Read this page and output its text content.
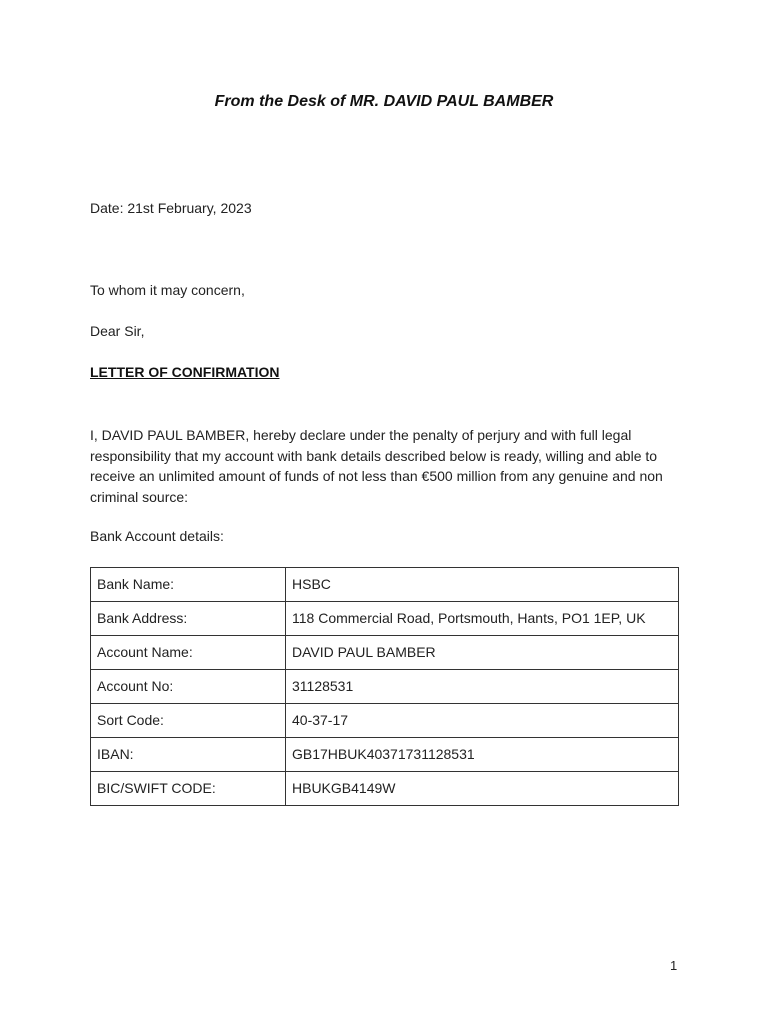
From the Desk of MR. DAVID PAUL BAMBER
Date: 21st February, 2023
To whom it may concern,
Dear Sir,
LETTER OF CONFIRMATION
I, DAVID PAUL BAMBER, hereby declare under the penalty of perjury and with full legal responsibility that my account with bank details described below is ready, willing and able to receive an unlimited amount of funds of not less than €500 million from any genuine and non criminal source:
Bank Account details:
Bank Name:	HSBC
Bank Address:	118 Commercial Road, Portsmouth, Hants, PO1 1EP, UK
Account Name:	DAVID PAUL BAMBER
Account No:	31128531
Sort Code:	40-37-17
IBAN:	GB17HBUK40371731128531
BIC/SWIFT CODE:	HBUKGB4149W
1
